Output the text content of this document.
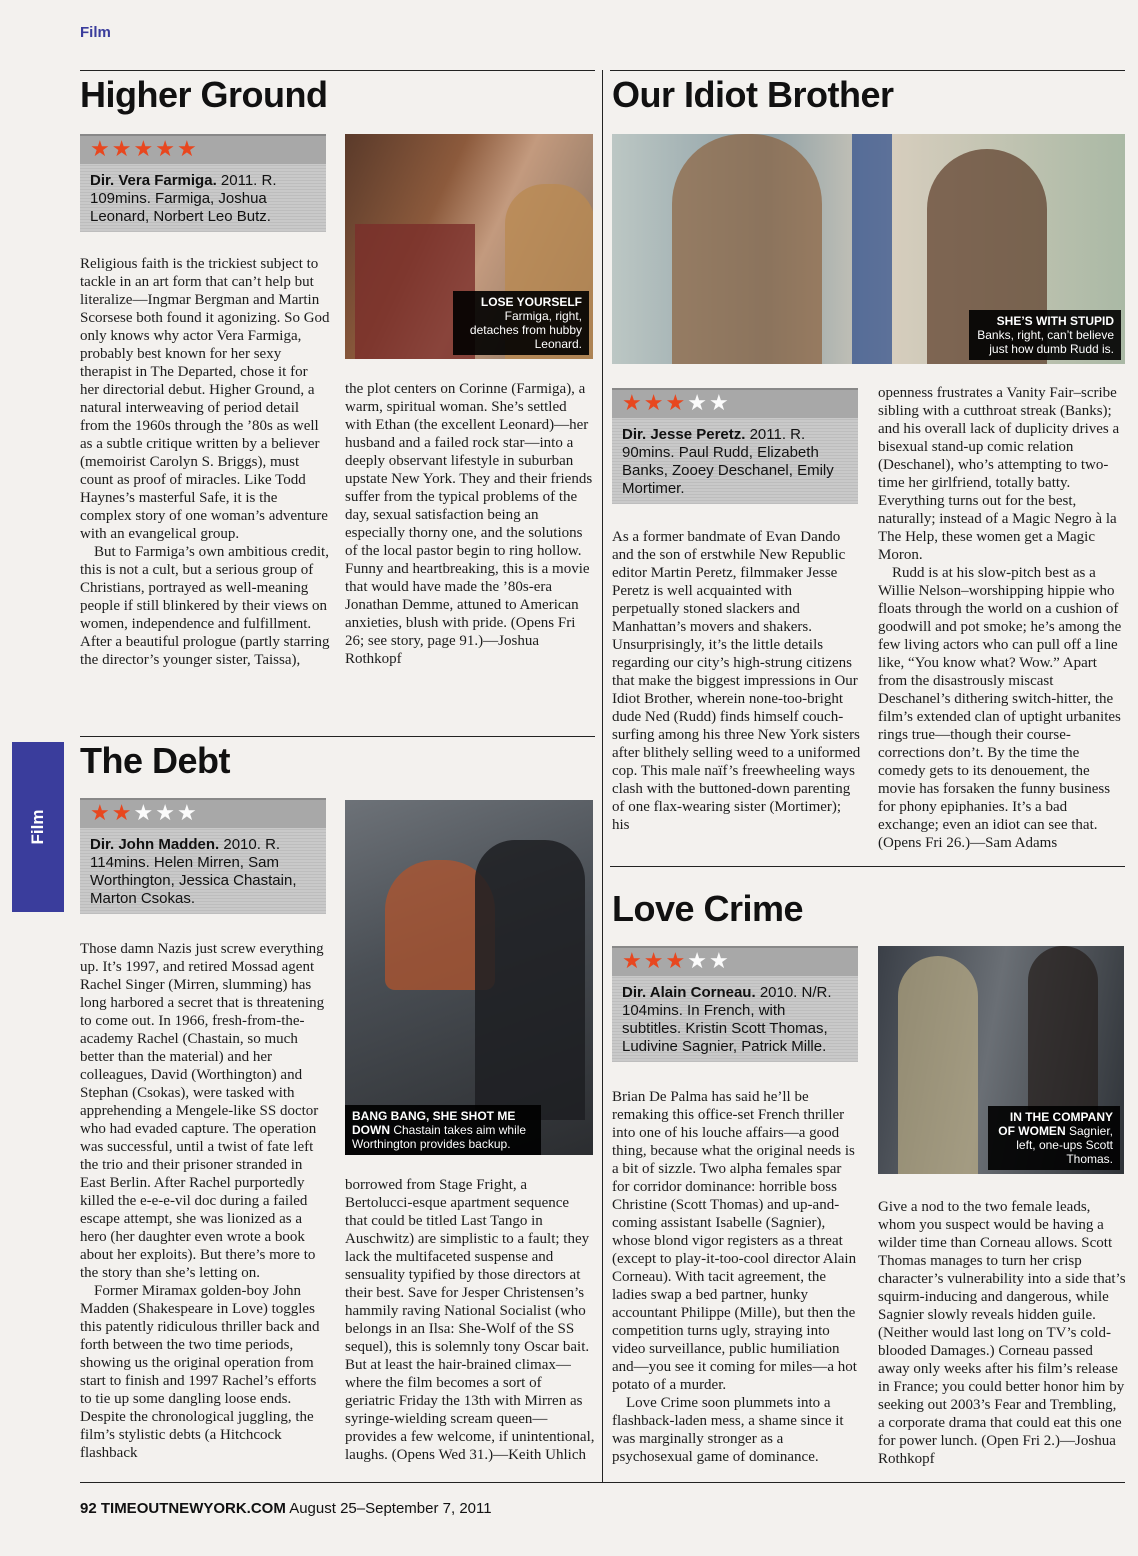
Film
Film
Higher Ground
★★★★★
Dir. Vera Farmiga. 2011. R. 109mins. Farmiga, Joshua Leonard, Norbert Leo Butz.

Religious faith is the trickiest subject to tackle in an art form that can’t help but literalize—Ingmar Bergman and Martin Scorsese both found it agonizing. So God only knows why actor Vera Farmiga, probably best known for her sexy therapist in The Departed, chose it for her directorial debut. Higher Ground, a natural interweaving of period detail from the 1960s through the ’80s as well as a subtle critique written by a believer (memoirist Carolyn S. Briggs), must count as proof of miracles. Like Todd Haynes’s masterful Safe, it is the complex story of one woman’s adventure with an evangelical group.

But to Farmiga’s own ambitious credit, this is not a cult, but a serious group of Christians, portrayed as well-meaning people if still blinkered by their views on women, independence and fulfillment. After a beautiful prologue (partly starring the director’s younger sister, Taissa),

LOSE YOURSELF
Farmiga, right, detaches from hubby Leonard.

the plot centers on Corinne (Farmiga), a warm, spiritual woman. She’s settled with Ethan (the excellent Leonard)—her husband and a failed rock star—into a deeply observant lifestyle in suburban upstate New York. They and their friends suffer from the typical problems of the day, sexual satisfaction being an especially thorny one, and the solutions of the local pastor begin to ring hollow. Funny and heartbreaking, this is a movie that would have made the ’80s-era Jonathan Demme, attuned to American anxieties, blush with pride. (Opens Fri 26; see story, page 91.)—Joshua Rothkopf

The Debt
★★★★★
Dir. John Madden. 2010. R. 114mins. Helen Mirren, Sam Worthington, Jessica Chastain, Marton Csokas.

Those damn Nazis just screw everything up. It’s 1997, and retired Mossad agent Rachel Singer (Mirren, slumming) has long harbored a secret that is threatening to come out. In 1966, fresh-from-the-academy Rachel (Chastain, so much better than the material) and her colleagues, David (Worthington) and Stephan (Csokas), were tasked with apprehending a Mengele-like SS doctor who had evaded capture. The operation was successful, until a twist of fate left the trio and their prisoner stranded in East Berlin. After Rachel purportedly killed the e-e-e-vil doc during a failed escape attempt, she was lionized as a hero (her daughter even wrote a book about her exploits). But there’s more to the story than she’s letting on.

Former Miramax golden-boy John Madden (Shakespeare in Love) toggles this patently ridiculous thriller back and forth between the two time periods, showing us the original operation from start to finish and 1997 Rachel’s efforts to tie up some dangling loose ends. Despite the chronological juggling, the film’s stylistic debts (a Hitchcock flashback

BANG BANG, SHE SHOT ME DOWN Chastain takes aim while Worthington provides backup.

borrowed from Stage Fright, a Bertolucci-esque apartment sequence that could be titled Last Tango in Auschwitz) are simplistic to a fault; they lack the multifaceted suspense and sensuality typified by those directors at their best. Save for Jesper Christensen’s hammily raving National Socialist (who belongs in an Ilsa: She-Wolf of the SS sequel), this is solemnly tony Oscar bait. But at least the hair-brained climax—where the film becomes a sort of geriatric Friday the 13th with Mirren as syringe-wielding scream queen—provides a few welcome, if unintentional, laughs. (Opens Wed 31.)—Keith Uhlich

Our Idiot Brother
SHE’S WITH STUPID
Banks, right, can’t believe just how dumb Rudd is.
★★★★★
Dir. Jesse Peretz. 2011. R. 90mins. Paul Rudd, Elizabeth Banks, Zooey Deschanel, Emily Mortimer.

As a former bandmate of Evan Dando and the son of erstwhile New Republic editor Martin Peretz, filmmaker Jesse Peretz is well acquainted with perpetually stoned slackers and Manhattan’s movers and shakers. Unsurprisingly, it’s the little details regarding our city’s high-strung citizens that make the biggest impressions in Our Idiot Brother, wherein none-too-bright dude Ned (Rudd) finds himself couch-surfing among his three New York sisters after blithely selling weed to a uniformed cop. This male naïf’s freewheeling ways clash with the buttoned-down parenting of one flax-wearing sister (Mortimer); his

openness frustrates a Vanity Fair–scribe sibling with a cutthroat streak (Banks); and his overall lack of duplicity drives a bisexual stand-up comic relation (Deschanel), who’s attempting to two-time her girlfriend, totally batty. Everything turns out for the best, naturally; instead of a Magic Negro à la The Help, these women get a Magic Moron.

Rudd is at his slow-pitch best as a Willie Nelson–worshipping hippie who floats through the world on a cushion of goodwill and pot smoke; he’s among the few living actors who can pull off a line like, “You know what? Wow.” Apart from the disastrously miscast Deschanel’s dithering switch-hitter, the film’s extended clan of uptight urbanites rings true—though their course-corrections don’t. By the time the comedy gets to its denouement, the movie has forsaken the funny business for phony epiphanies. It’s a bad exchange; even an idiot can see that. (Opens Fri 26.)—Sam Adams

Love Crime
★★★★★
Dir. Alain Corneau. 2010. N/R. 104mins. In French, with subtitles. Kristin Scott Thomas, Ludivine Sagnier, Patrick Mille.

Brian De Palma has said he’ll be remaking this office-set French thriller into one of his louche affairs—a good thing, because what the original needs is a bit of sizzle. Two alpha females spar for corridor dominance: horrible boss Christine (Scott Thomas) and up-and-coming assistant Isabelle (Sagnier), whose blond vigor registers as a threat (except to play-it-too-cool director Alain Corneau). With tacit agreement, the ladies swap a bed partner, hunky accountant Philippe (Mille), but then the competition turns ugly, straying into video surveillance, public humiliation and—you see it coming for miles—a hot potato of a murder.

Love Crime soon plummets into a flashback-laden mess, a shame since it was marginally stronger as a psychosexual game of dominance.

IN THE COMPANY OF WOMEN Sagnier, left, one-ups Scott Thomas.

Give a nod to the two female leads, whom you suspect would be having a wilder time than Corneau allows. Scott Thomas manages to turn her crisp character’s vulnerability into a side that’s squirm-inducing and dangerous, while Sagnier slowly reveals hidden guile. (Neither would last long on TV’s cold-blooded Damages.) Corneau passed away only weeks after his film’s release in France; you could better honor him by seeking out 2003’s Fear and Trembling, a corporate drama that could eat this one for power lunch. (Open Fri 2.)—Joshua Rothkopf

92 TIMEOUTNEWYORK.COM August 25–September 7, 2011
